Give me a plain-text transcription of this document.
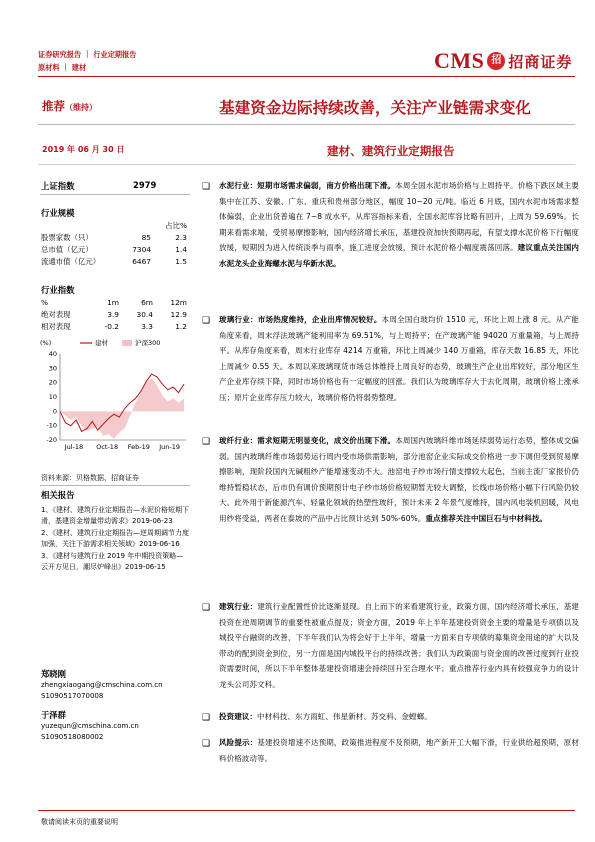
证券研究报告 ｜ 行业定期报告
原材料 ｜ 建材	CMS 招 招商证券
推荐（维持）	基建资金边际持续改善，关注产业链需求变化
2019 年 06 月 30 日	建材、建筑行业定期报告
上证指数	2979
行业规模
		占比%
股票家数（只）	85	2.3
总市值（亿元）	7304	1.4
流通市值（亿元）	6467	1.5
行业指数
%	1m	6m	12m
绝对表现	3.9	30.4	12.9
相对表现	-0.2	3.3	1.2
(%)
40
30
20
10
0
-10
-20
Jul-18 Oct-18 Feb-19 Jun-19
建材	沪深300
资料来源：贝格数据、招商证券
相关报告
1、《建材、建筑行业定期报告—水泥价格短期下滑，基建资金增量带动需求》2019-06-23
2、《建材、建筑行业定期报告—逆周期调节力度加强，关注下游需求相关领域》2019-06-16
3、《建材与建筑行业 2019 年中期投资策略—云开方见日，潮尽炉峰出》2019-06-15
郑晓刚
zhengxiaogang@cmschina.com.cn
S1090517070008
于泽群
yuzequn@cmschina.com.cn
S1090518080002
❑ 水泥行业：短期市场需求偏弱，南方价格出现下滑。本周全国水泥市场价格与上周持平。价格下跌区域主要集中在江苏、安徽、广东、重庆和贵州部分地区，幅度 10~20 元/吨。临近 6 月底，国内水泥市场需求整体偏弱，企业出货普遍在 7~8 成水平。从库容指标来看，全国水泥库容比略有回升，上周为 59.69%。长期来看需求端，受贸易摩擦影响，国内经济增长承压，基建投资加快预期再起，有望支撑水泥价格下行幅度放缓，短期因为进入传统淡季与雨季，施工进度会放缓，预计水泥价格小幅度震荡回落。建议重点关注国内水泥龙头企业海螺水泥与华新水泥。
❑ 玻璃行业：市场热度维持，企业出库情况较好。本周全国白玻均价 1510 元，环比上周上涨 8 元。从产能角度来看，周末浮法玻璃产能利用率为 69.51%，与上周持平；在产玻璃产能 94020 万重量箱，与上周持平。从库存角度来看，周末行业库存 4214 万重箱，环比上周减少 140 万重箱，库存天数 16.85 天，环比上周减少 0.55 天。本周以来玻璃现货市场总体维持上周良好的态势，玻璃生产企业出库较好，部分地区生产企业库存续下降，同时市场价格也有一定幅度的回涨。我们认为玻璃库存大于去化周期，玻璃价格上涨承压；原片企业库存压力较大，玻璃价格仍将弱势整理。
❑ 玻纤行业：需求短期无明显变化，成交价出现下滑。本周国内玻璃纤维市场延续弱势运行态势，整体成交偏弱。国内玻璃纤维市场弱势运行周内受市场供需影响，部分池窑企业实际成交价格进一步下调但受到贸易摩擦影响，现阶段国内无碱粗纱产能增速变动不大。池窑电子纱市场行情支撑较大起色，当前主流厂家报价仍维持暂稳状态，后市仍有调价预期预计电子纱市场价格短期暂无较大调整，长线市场价格小幅下行风险仍较大。此外用于新能源汽车、轻量化领域的热塑性玻纤，预计未来 2 年景气度维持，国内风电装机回暖，风电用纱将受益，两者在泰坡的产品中占比预计达到 50%-60%。重点推荐关注中国巨石与中材科技。
❑ 建筑行业：建筑行业配置性价比逐渐显现。自上而下的来看建筑行业，政策方面，国内经济增长承压，基建投资在逆周期调节的重要性被重点提及；资金方面，2019 年上半年基建投资资金主要的增量是专项债以及城投平台融资的改善，下半年我们认为将会好于上半年，增量一方面来自专项债的募集资金用途的扩大以及带动的配到资金到位，另一方面是国内城投平台的持续改善；我们认为政策面与资金面的改善过度到行业投资需要时间，所以下半年整体基建投资增速会持续回升至合理水平；重点推荐行业内具有较强竞争力的设计龙头公司苏文科。
❑ 投资建议：中材科技、东方雨虹、伟星新材、苏交科、金螳螂。
❑ 风险提示：基建投资增速不达预期，政策推进程度不及预期，地产新开工大幅下滑，行业供给超预期，原材料价格波动等。
敬请阅读末页的重要说明
